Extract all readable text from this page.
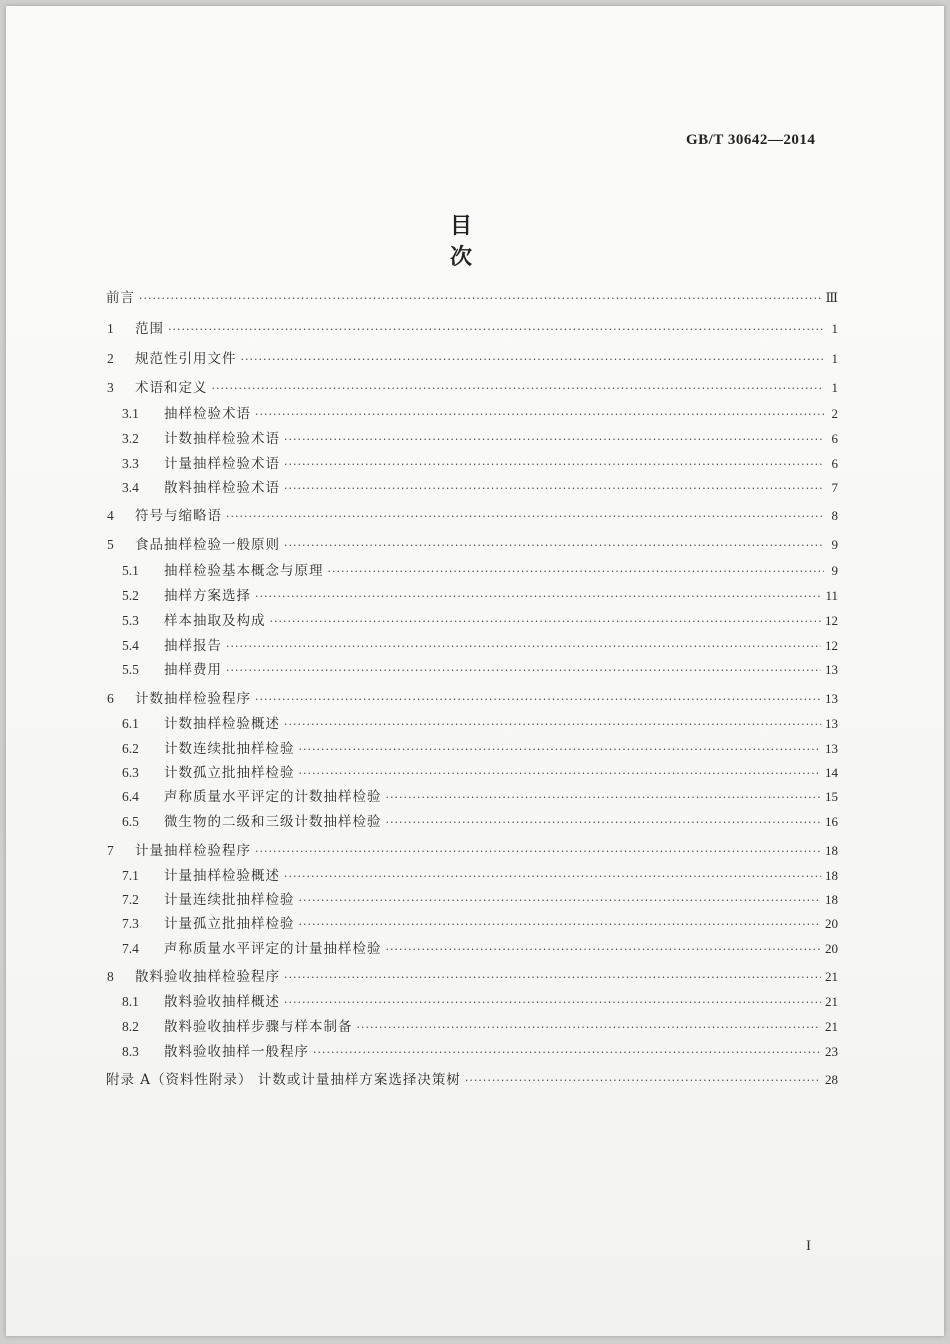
GB/T 30642—2014
目 次
前言 ·····	Ⅲ
1	范围 ·····	1
2	规范性引用文件 ·····	1
3	术语和定义 ·····	1
3.1	抽样检验术语 ·····	2
3.2	计数抽样检验术语 ·····	6
3.3	计量抽样检验术语 ·····	6
3.4	散料抽样检验术语 ·····	7
4	符号与缩略语 ·····	8
5	食品抽样检验一般原则 ·····	9
5.1	抽样检验基本概念与原理 ·····	9
5.2	抽样方案选择 ·····	11
5.3	样本抽取及构成 ·····	12
5.4	抽样报告 ·····	12
5.5	抽样费用 ·····	13
6	计数抽样检验程序 ·····	13
6.1	计数抽样检验概述 ·····	13
6.2	计数连续批抽样检验 ·····	13
6.3	计数孤立批抽样检验 ·····	14
6.4	声称质量水平评定的计数抽样检验 ·····	15
6.5	微生物的二级和三级计数抽样检验 ·····	16
7	计量抽样检验程序 ·····	18
7.1	计量抽样检验概述 ·····	18
7.2	计量连续批抽样检验 ·····	18
7.3	计量孤立批抽样检验 ·····	20
7.4	声称质量水平评定的计量抽样检验 ·····	20
8	散料验收抽样检验程序 ·····	21
8.1	散料验收抽样概述 ·····	21
8.2	散料验收抽样步骤与样本制备 ·····	21
8.3	散料验收抽样一般程序 ·····	23
附录 A（资料性附录） 计数或计量抽样方案选择决策树 ·····	28
I
